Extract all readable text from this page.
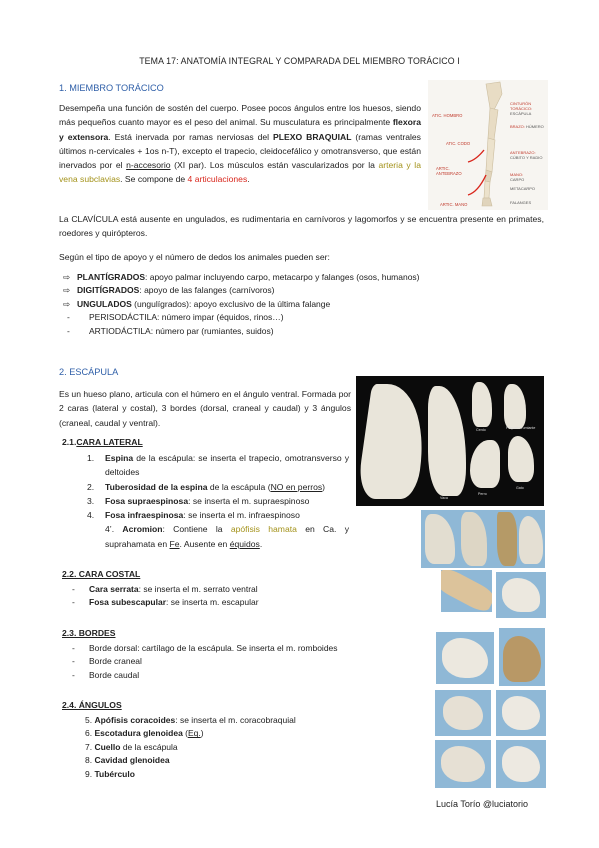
TEMA 17: ANATOMÍA INTEGRAL Y COMPARADA DEL MIEMBRO TORÁCICO I
1. MIEMBRO TORÁCICO
Desempeña una función de sostén del cuerpo. Posee pocos ángulos entre los huesos, siendo más pequeños cuanto mayor es el peso del animal. Su musculatura es principalmente flexora y extensora. Está inervada por ramas nerviosas del PLEXO BRAQUIAL (ramas ventrales últimos n-cervicales + 1os n-T), excepto el trapecio, cleidocefálico y omotransverso, que están inervados por el n-accesorio (XI par). Los músculos están vascularizados por la arteria y la vena subclavias. Se compone de 4 articulaciones.
ATIC. HOMBRO
ATIC. CODO
ARTIC. ANTEBRAZO
ARTIC. MANO
CINTURÓN TORÁCICO:
ESCÁPULA
BRAZO: HÚMERO
ANTEBRAZO:
CÚBITO Y RADIO
MANO:
CARPO
METACARPO
FALANGES
La CLAVÍCULA está ausente en ungulados, es rudimentaria en carnívoros y lagomorfos y se encuentra presente en primates, roedores y quirópteros.
Según el tipo de apoyo y el número de dedos los animales pueden ser:
⇨ PLANTÍGRADOS: apoyo palmar incluyendo carpo, metacarpo y falanges (osos, humanos)
⇨ DIGITÍGRADOS: apoyo de las falanges (carnívoros)
⇨ UNGULADOS (ungulígrados): apoyo exclusivo de la última falange
- PERISODÁCTILA: número impar (équidos, rinos…)
- ARTIODÁCTILA: número par (rumiantes, suidos)
2. ESCÁPULA
Es un hueso plano, articula con el húmero en el ángulo ventral. Formada por 2 caras (lateral y costal), 3 bordes (dorsal, craneal y caudal) y 3 ángulos (craneal, caudal y ventral).
Pequeño rumiante
Vaca
Cerdo
Perro
Gato
2.1.CARA LATERAL
1.	Espina de la escápula: se inserta el trapecio, omotransverso y deltoides
2.	Tuberosidad de la espina de la escápula (NO en perros)
3.	Fosa supraespinosa: se inserta el m. supraespinoso
4.	Fosa infraespinosa: se inserta el m. infraespinoso
4’. Acromion: Contiene la apófisis hamata en Ca. y suprahamata en Fe. Ausente en équidos.
2.2. CARA COSTAL
- Cara serrata: se inserta el m. serrato ventral
- Fosa subescapular: se inserta m. escapular
2.3. BORDES
- Borde dorsal: cartílago de la escápula. Se inserta el m. romboides
- Borde craneal
- Borde caudal
2.4. ÁNGULOS
5. Apófisis coracoides: se inserta el m. coracobraquial
6. Escotadura glenoidea (Eq.)
7. Cuello de la escápula
8. Cavidad glenoidea
9. Tubérculo
Lucía Torío @luciatorio
